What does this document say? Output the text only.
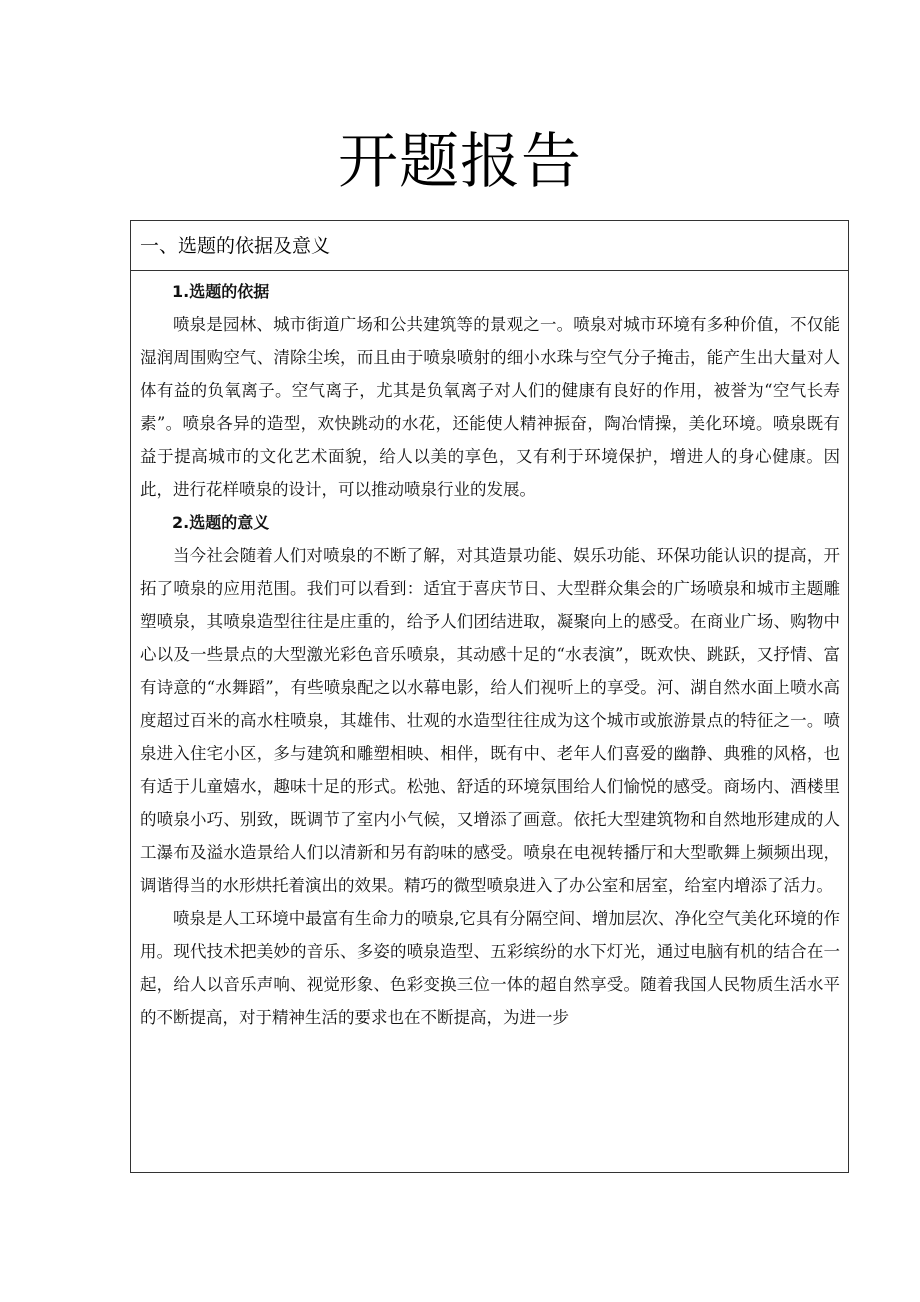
开题报告
一、选题的依据及意义

1.选题的依据

喷泉是园林、城市街道广场和公共建筑等的景观之一。喷泉对城市环境有多种价值，不仅能湿润周围购空气、清除尘埃，而且由于喷泉喷射的细小水珠与空气分子掩击，能产生出大量对人体有益的负氧离子。空气离子，尤其是负氧离子对人们的健康有良好的作用，被誉为“空气长寿素”。喷泉各异的造型，欢快跳动的水花，还能使人精神振奋，陶冶情操，美化环境。喷泉既有益于提高城市的文化艺术面貌，给人以美的享色，又有利于环境保护，增进人的身心健康。因此，进行花样喷泉的设计，可以推动喷泉行业的发展。

2.选题的意义

当今社会随着人们对喷泉的不断了解，对其造景功能、娱乐功能、环保功能认识的提高，开拓了喷泉的应用范围。我们可以看到：适宜于喜庆节日、大型群众集会的广场喷泉和城市主题雕塑喷泉，其喷泉造型往往是庄重的，给予人们团结进取，凝聚向上的感受。在商业广场、购物中心以及一些景点的大型激光彩色音乐喷泉，其动感十足的“水表演”，既欢快、跳跃，又抒情、富有诗意的“水舞蹈”，有些喷泉配之以水幕电影，给人们视听上的享受。河、湖自然水面上喷水高度超过百米的高水柱喷泉，其雄伟、壮观的水造型往往成为这个城市或旅游景点的特征之一。喷泉进入住宅小区，多与建筑和雕塑相映、相伴，既有中、老年人们喜爱的幽静、典雅的风格，也有适于儿童嬉水，趣味十足的形式。松弛、舒适的环境氛围给人们愉悦的感受。商场内、酒楼里的喷泉小巧、别致，既调节了室内小气候，又增添了画意。依托大型建筑物和自然地形建成的人工瀑布及溢水造景给人们以清新和另有韵味的感受。喷泉在电视转播厅和大型歌舞上频频出现，调谐得当的水形烘托着演出的效果。精巧的微型喷泉进入了办公室和居室，给室内增添了活力。

喷泉是人工环境中最富有生命力的喷泉,它具有分隔空间、增加层次、净化空气美化环境的作用。现代技术把美妙的音乐、多姿的喷泉造型、五彩缤纷的水下灯光，通过电脑有机的结合在一起，给人以音乐声响、视觉形象、色彩变换三位一体的超自然享受。随着我国人民物质生活水平的不断提高，对于精神生活的要求也在不断提高，为进一步
